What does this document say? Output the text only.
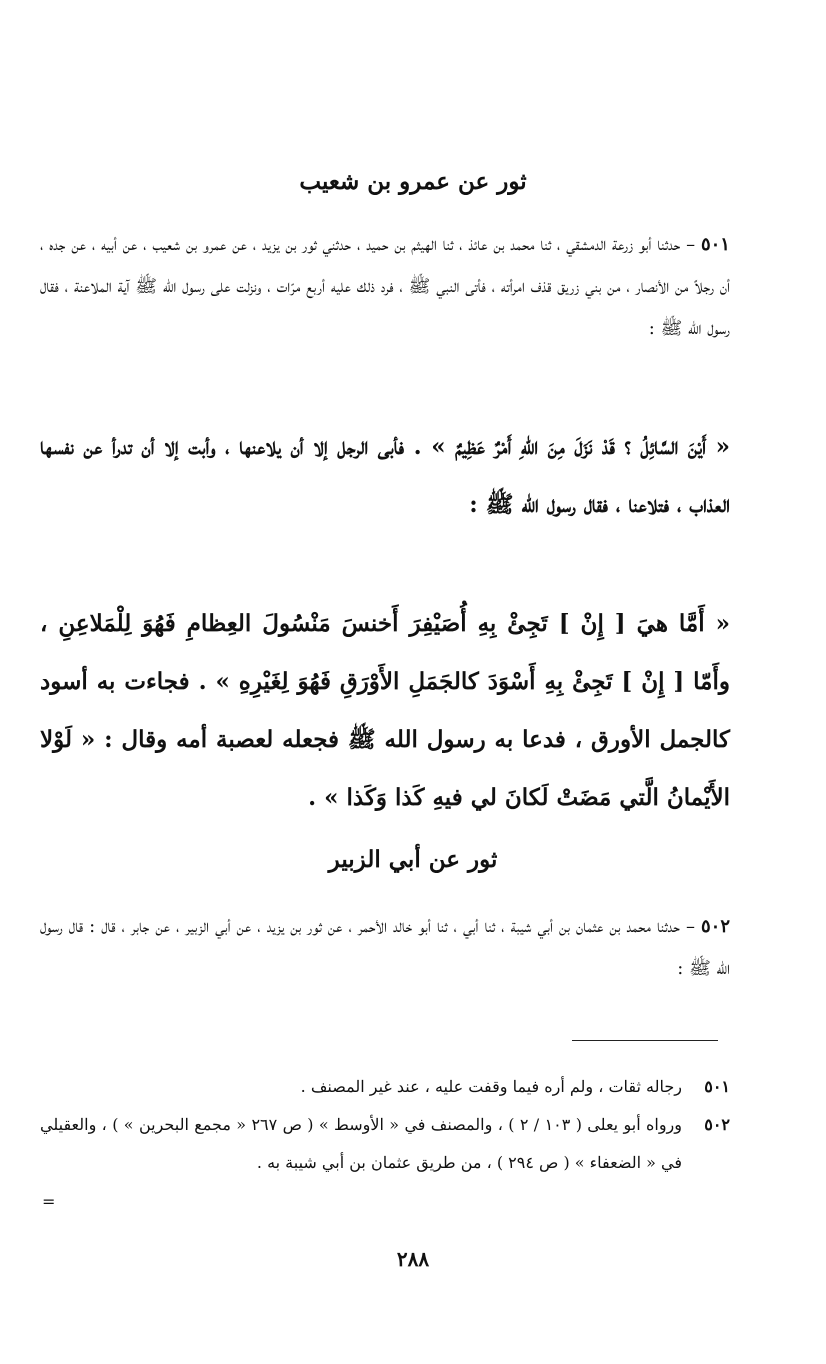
ثور عن عمرو بن شعيب
٥٠١ – حدثنا أبو زرعة الدمشقي ، ثنا محمد بن عائذ ، ثنا الهيثم بن حميد ، حدثني ثور بن يزيد ، عن عمرو بن شعيب ، عن أبيه ، عن جده ، أن رجلاً من الأنصار ، من بني زريق قذف امرأته ، فأتى النبي ﷺ ، فرد ذلك عليه أربع مرّات ، ونزلت على رسول الله ﷺ آية الملاعنة ، فقال رسول الله ﷺ :
« أَيْنَ السَّائِلُ ؟ قَدْ نَزَلَ مِنَ اللهِ أَمْرٌ عَظِيمٌ » . فأبى الرجل إلا أن يلاعنها ، وأبت إلا أن تدرأ عن نفسها العذاب ، فتلاعنا ، فقال رسول الله ﷺ :
« أَمَّا هيَ [ إِنْ ] تَجِئْ بِهِ أُصَيْفِرَ أَخنسَ مَنْسُولَ العِظامِ فَهُوَ لِلْمَلاعِنِ ، وأَمّا [ إِنْ ] تَجِئْ بِهِ أَسْوَدَ كالجَمَلِ الأَوْرَقِ فَهُوَ لِغَيْرِهِ » . فجاءت به أسود كالجمل الأورق ، فدعا به رسول الله ﷺ فجعله لعصبة أمه وقال : « لَوْلا الأَيْمانُ الَّتي مَضَتْ لَكانَ لي فيهِ كَذا وَكَذا » .
ثور عن أبي الزبير
٥٠٢ – حدثنا محمد بن عثمان بن أبي شيبة ، ثنا أبي ، ثنا أبو خالد الأحمر ، عن ثور بن يزيد ، عن أبي الزبير ، عن جابر ، قال : قال رسول الله ﷺ :
٥٠١
رجاله ثقات ، ولم أره فيما وقفت عليه ، عند غير المصنف .
٥٠٢
ورواه أبو يعلى ( ١٠٣ / ٢ ) ، والمصنف في « الأوسط » ( ص ٢٦٧ « مجمع البحرين » ) ، والعقيلي في « الضعفاء » ( ص ٢٩٤ ) ، من طريق عثمان بن أبي شيبة به .
=
٢٨٨
